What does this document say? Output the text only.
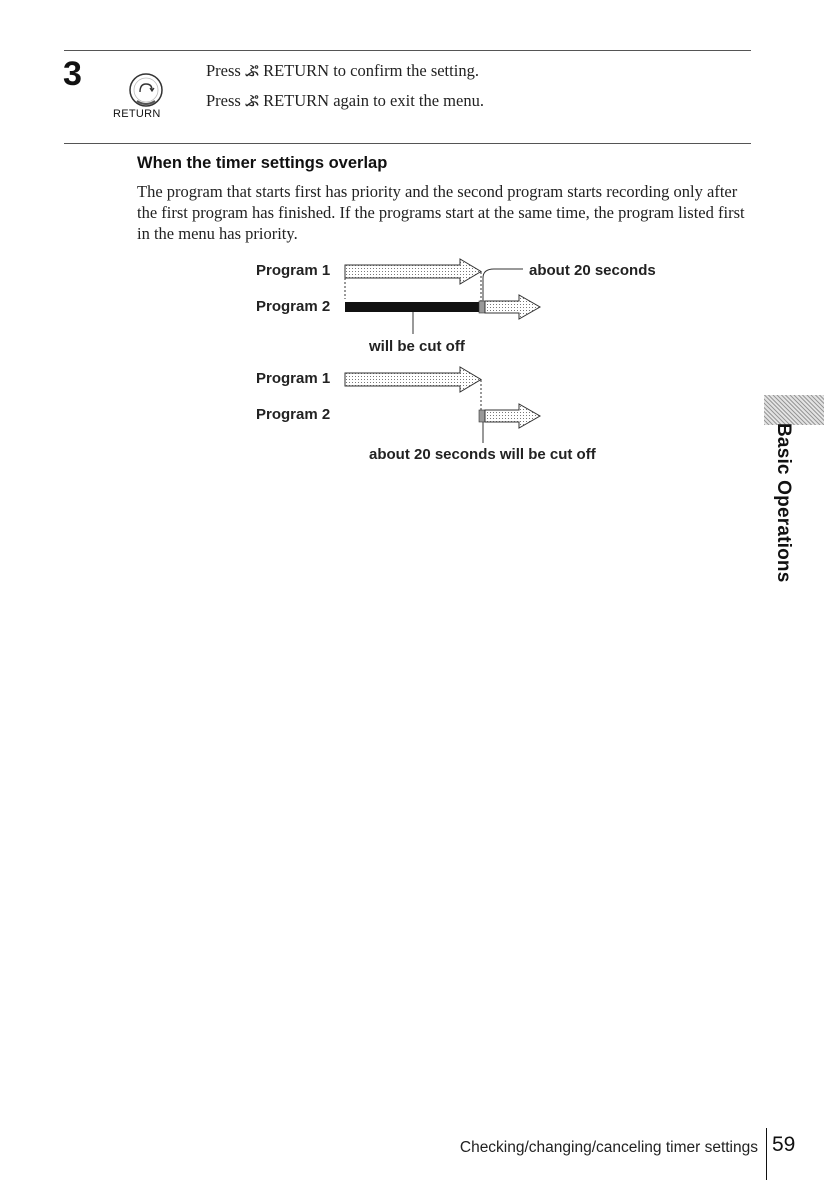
3
RETURN
Press ぷ RETURN to confirm the setting.
Press ぷ RETURN again to exit the menu.
When the timer settings overlap
The program that starts first has priority and the second program starts recording only after the first program has finished. If the programs start at the same time, the program listed first in the menu has priority.
Program 1	about 20 seconds
Program 2
will be cut off
Program 1
Program 2
about 20 seconds will be cut off	Basic Operations
Checking/changing/canceling timer settings 59
